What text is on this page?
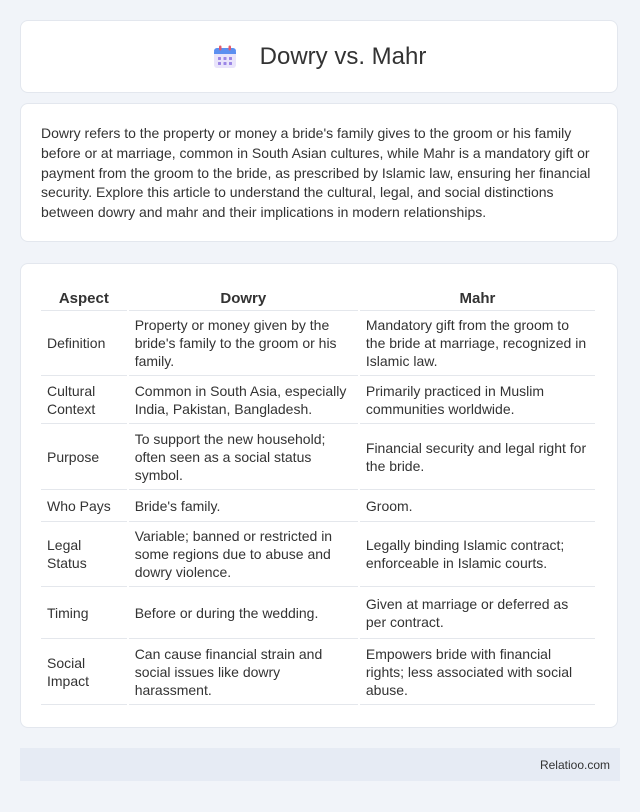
Dowry vs. Mahr

Dowry refers to the property or money a bride's family gives to the groom or his family before or at marriage, common in South Asian cultures, while Mahr is a mandatory gift or payment from the groom to the bride, as prescribed by Islamic law, ensuring her financial security. Explore this article to understand the cultural, legal, and social distinctions between dowry and mahr and their implications in modern relationships.

Aspect	Dowry	Mahr
Definition	Property or money given by the bride's family to the groom or his family.	Mandatory gift from the groom to the bride at marriage, recognized in Islamic law.
Cultural Context	Common in South Asia, especially India, Pakistan, Bangladesh.	Primarily practiced in Muslim communities worldwide.
Purpose	To support the new household; often seen as a social status symbol.	Financial security and legal right for the bride.
Who Pays	Bride's family.	Groom.
Legal Status	Variable; banned or restricted in some regions due to abuse and dowry violence.	Legally binding Islamic contract; enforceable in Islamic courts.
Timing	Before or during the wedding.	Given at marriage or deferred as per contract.
Social Impact	Can cause financial strain and social issues like dowry harassment.	Empowers bride with financial rights; less associated with social abuse.
Relatioo.com
